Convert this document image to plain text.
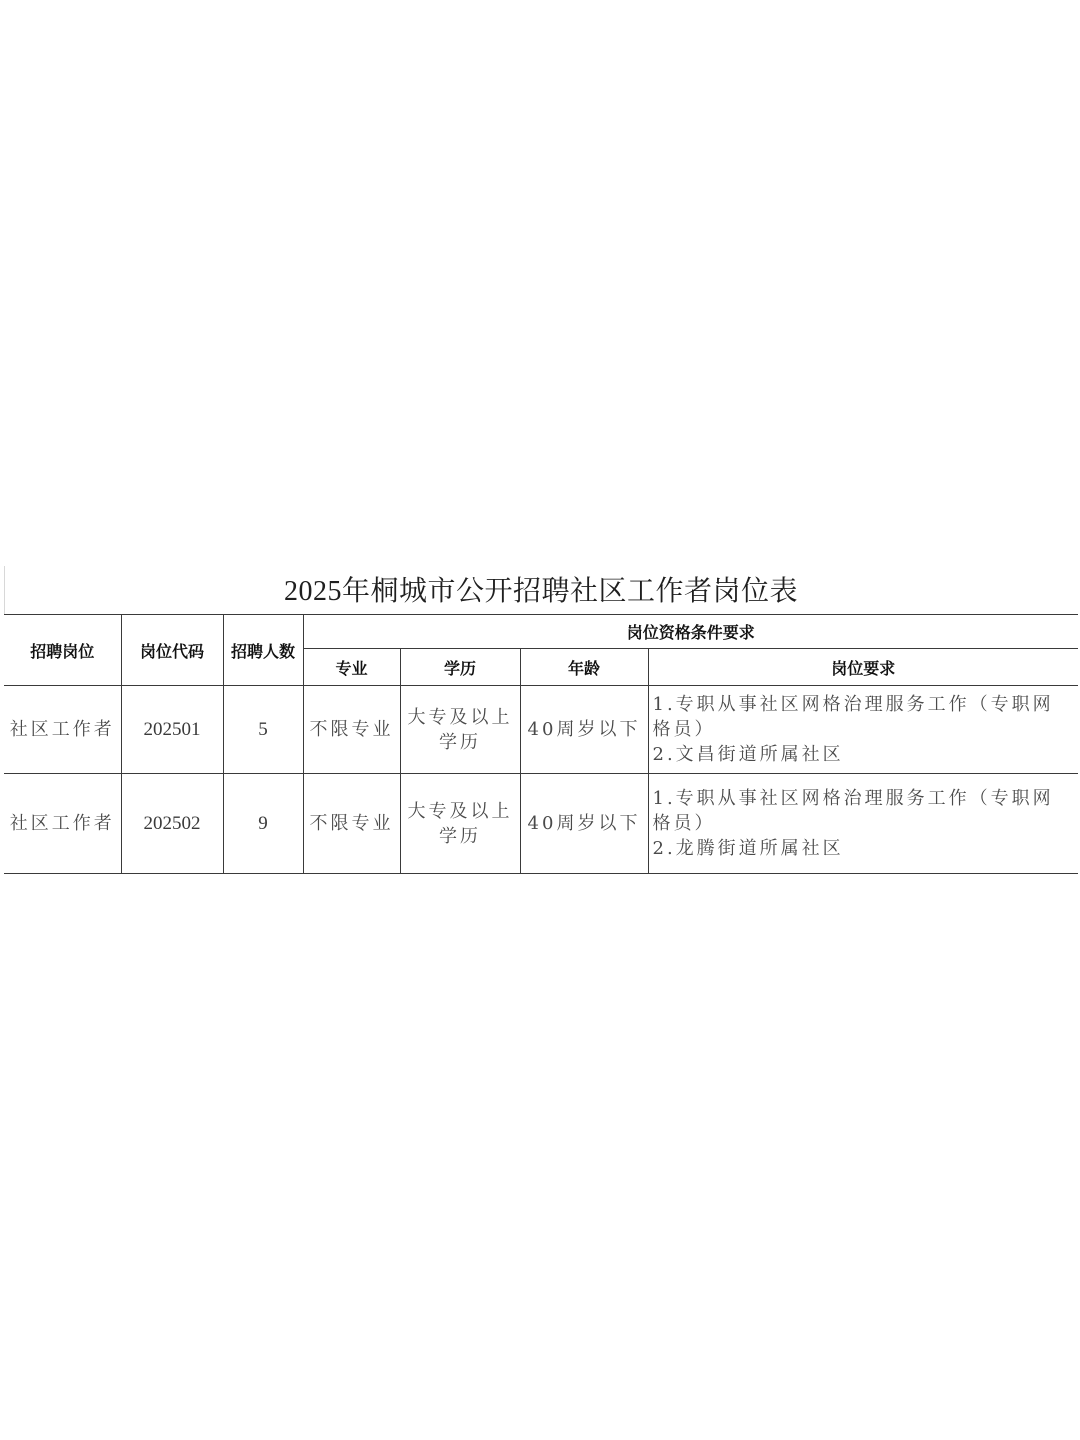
2025年桐城市公开招聘社区工作者岗位表
招聘岗位	岗位代码	招聘人数	岗位资格条件要求			
			专业	学历	年龄	岗位要求
社区工作者	202501	5	不限专业	大专及以上学历	40周岁以下	1.专职从事社区网格治理服务工作（专职网格员）
2.文昌街道所属社区

社区工作者	202502	9	不限专业	大专及以上学历	40周岁以下	1.专职从事社区网格治理服务工作（专职网格员）
2.龙腾街道所属社区
